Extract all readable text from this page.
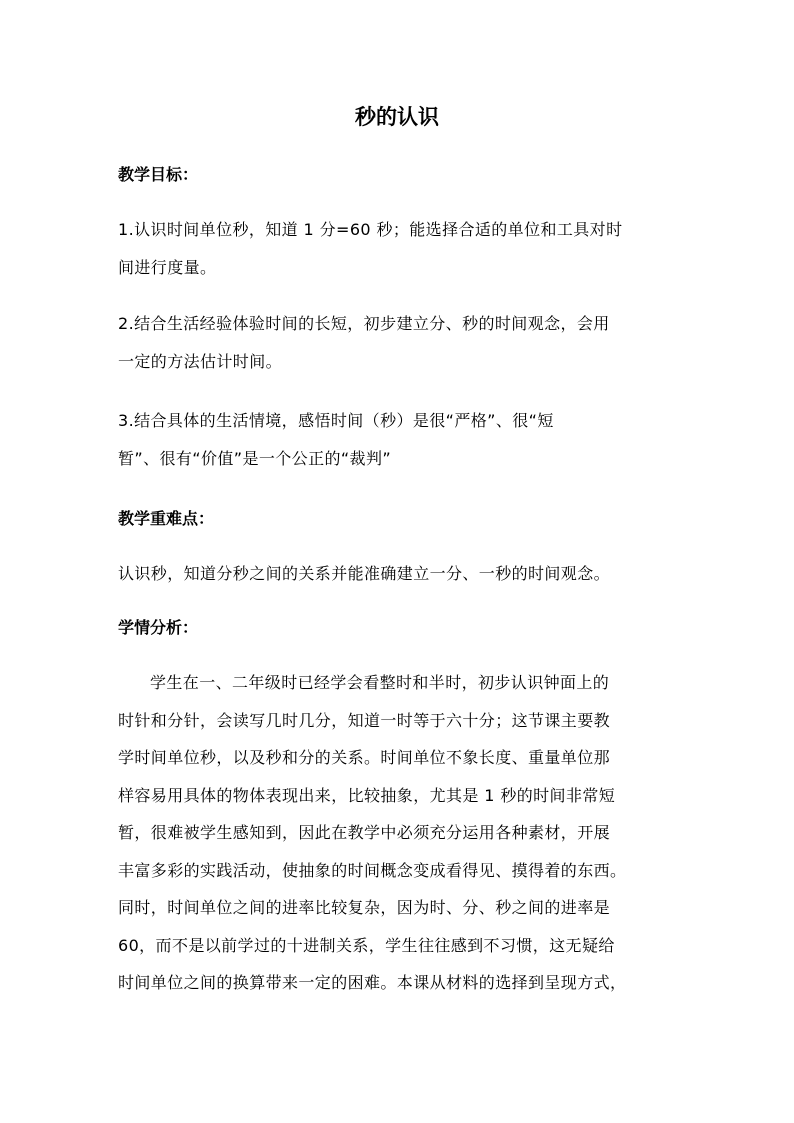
秒的认识
教学目标：
1.认识时间单位秒，知道 1 分=60 秒；能选择合适的单位和工具对时
间进行度量。
2.结合生活经验体验时间的长短，初步建立分、秒的时间观念，会用
一定的方法估计时间。
3.结合具体的生活情境，感悟时间（秒）是很“严格”、很“短
暂”、很有“价值”是一个公正的“裁判”
教学重难点：
认识秒，知道分秒之间的关系并能准确建立一分、一秒的时间观念。
学情分析：
学生在一、二年级时已经学会看整时和半时，初步认识钟面上的
时针和分针，会读写几时几分，知道一时等于六十分；这节课主要教
学时间单位秒，以及秒和分的关系。时间单位不象长度、重量单位那
样容易用具体的物体表现出来，比较抽象，尤其是 1 秒的时间非常短
暂，很难被学生感知到，因此在教学中必须充分运用各种素材，开展
丰富多彩的实践活动，使抽象的时间概念变成看得见、摸得着的东西。
同时，时间单位之间的进率比较复杂，因为时、分、秒之间的进率是
60，而不是以前学过的十进制关系，学生往往感到不习惯，这无疑给
时间单位之间的换算带来一定的困难。本课从材料的选择到呈现方式，
